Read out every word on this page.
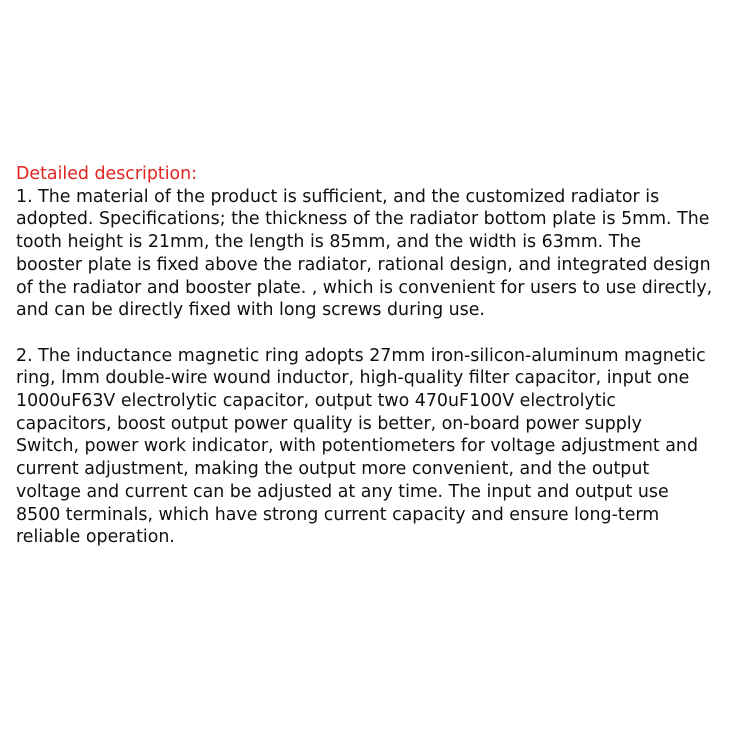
Detailed description:

1. The material of the product is sufficient, and the customized radiator is
adopted. Specifications; the thickness of the radiator bottom plate is 5mm. The
tooth height is 21mm, the length is 85mm, and the width is 63mm. The
booster plate is fixed above the radiator, rational design, and integrated design
of the radiator and booster plate. , which is convenient for users to use directly,
and can be directly fixed with long screws during use.

2. The inductance magnetic ring adopts 27mm iron-silicon-aluminum magnetic
ring, lmm double-wire wound inductor, high-quality filter capacitor, input one
1000uF63V electrolytic capacitor, output two 470uF100V electrolytic
capacitors, boost output power quality is better, on-board power supply
Switch, power work indicator, with potentiometers for voltage adjustment and
current adjustment, making the output more convenient, and the output
voltage and current can be adjusted at any time. The input and output use
8500 terminals, which have strong current capacity and ensure long-term
reliable operation.
